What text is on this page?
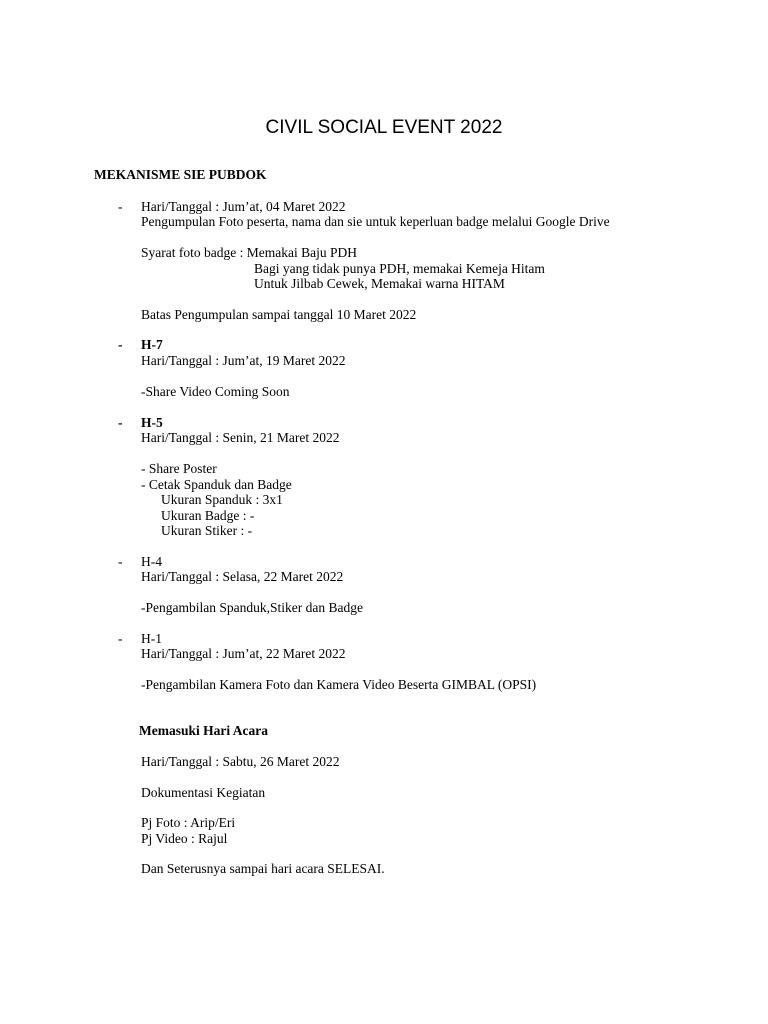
CIVIL SOCIAL EVENT 2022
MEKANISME SIE PUBDOK
- Hari/Tanggal : Jum’at, 04 Maret 2022
Pengumpulan Foto peserta, nama dan sie untuk keperluan badge melalui Google Drive
Syarat foto badge : Memakai Baju PDH
Bagi yang tidak punya PDH, memakai Kemeja Hitam
Untuk Jilbab Cewek, Memakai warna HITAM
Batas Pengumpulan sampai tanggal 10 Maret 2022
- H-7
Hari/Tanggal : Jum’at, 19 Maret 2022
-Share Video Coming Soon
- H-5
Hari/Tanggal : Senin, 21 Maret 2022
- Share Poster
- Cetak Spanduk dan Badge
Ukuran Spanduk : 3x1
Ukuran Badge : -
Ukuran Stiker : -
- H-4
Hari/Tanggal : Selasa, 22 Maret 2022
-Pengambilan Spanduk,Stiker dan Badge
- H-1
Hari/Tanggal : Jum’at, 22 Maret 2022
-Pengambilan Kamera Foto dan Kamera Video Beserta GIMBAL (OPSI)
Memasuki Hari Acara
Hari/Tanggal : Sabtu, 26 Maret 2022
Dokumentasi Kegiatan
Pj Foto : Arip/Eri
Pj Video : Rajul
Dan Seterusnya sampai hari acara SELESAI.
